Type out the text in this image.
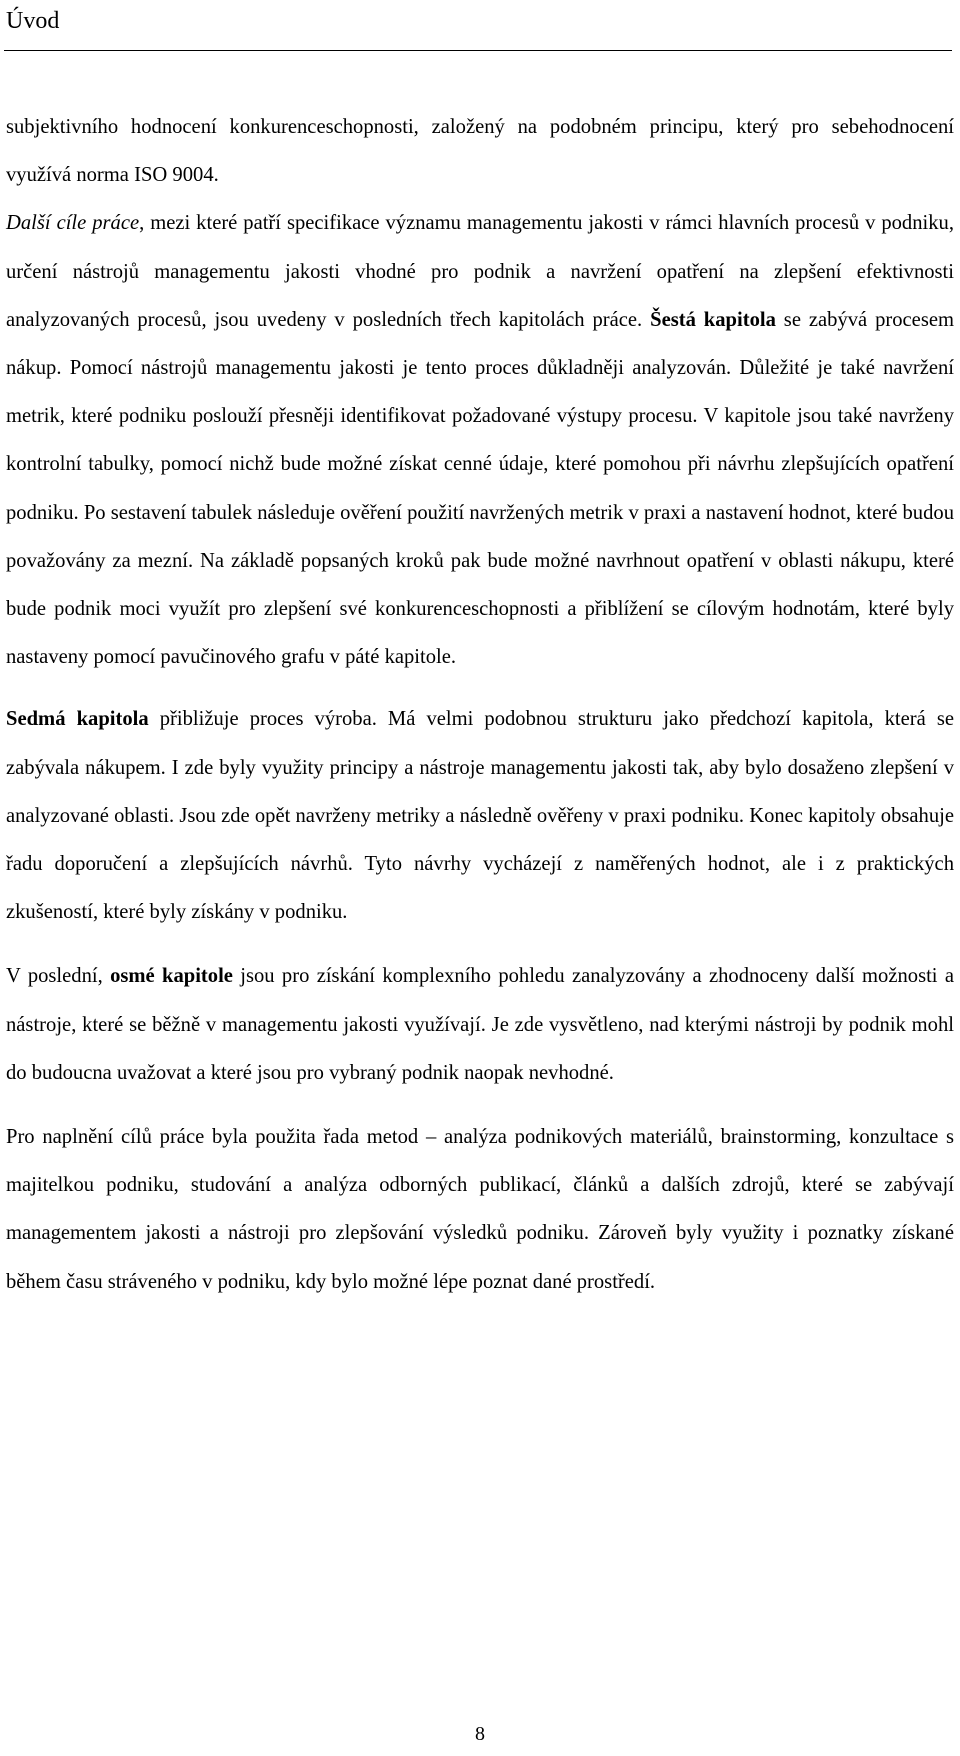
Úvod

subjektivního hodnocení konkurenceschopnosti, založený na podobném principu, který pro sebehodnocení využívá norma ISO 9004.

Další cíle práce, mezi které patří specifikace významu managementu jakosti v rámci hlavních procesů v podniku, určení nástrojů managementu jakosti vhodné pro podnik a navržení opatření na zlepšení efektivnosti analyzovaných procesů, jsou uvedeny v posledních třech kapitolách práce. Šestá kapitola se zabývá procesem nákup. Pomocí nástrojů managementu jakosti je tento proces důkladněji analyzován. Důležité je také navržení metrik, které podniku poslouží přesněji identifikovat požadované výstupy procesu. V kapitole jsou také navrženy kontrolní tabulky, pomocí nichž bude možné získat cenné údaje, které pomohou při návrhu zlepšujících opatření podniku. Po sestavení tabulek následuje ověření použití navržených metrik v praxi a nastavení hodnot, které budou považovány za mezní. Na základě popsaných kroků pak bude možné navrhnout opatření v oblasti nákupu, které bude podnik moci využít pro zlepšení své konkurenceschopnosti a přiblížení se cílovým hodnotám, které byly nastaveny pomocí pavučinového grafu v páté kapitole.

Sedmá kapitola přibližuje proces výroba. Má velmi podobnou strukturu jako předchozí kapitola, která se zabývala nákupem. I zde byly využity principy a nástroje managementu jakosti tak, aby bylo dosaženo zlepšení v analyzované oblasti. Jsou zde opět navrženy metriky a následně ověřeny v praxi podniku. Konec kapitoly obsahuje řadu doporučení a zlepšujících návrhů. Tyto návrhy vycházejí z naměřených hodnot, ale i z praktických zkušeností, které byly získány v podniku.

V poslední, osmé kapitole jsou pro získání komplexního pohledu zanalyzovány a zhodnoceny další možnosti a nástroje, které se běžně v managementu jakosti využívají. Je zde vysvětleno, nad kterými nástroji by podnik mohl do budoucna uvažovat a které jsou pro vybraný podnik naopak nevhodné.

Pro naplnění cílů práce byla použita řada metod – analýza podnikových materiálů, brainstorming, konzultace s majitelkou podniku, studování a analýza odborných publikací, článků a dalších zdrojů, které se zabývají managementem jakosti a nástroji pro zlepšování výsledků podniku. Zároveň byly využity i poznatky získané během času stráveného v podniku, kdy bylo možné lépe poznat dané prostředí.

8
